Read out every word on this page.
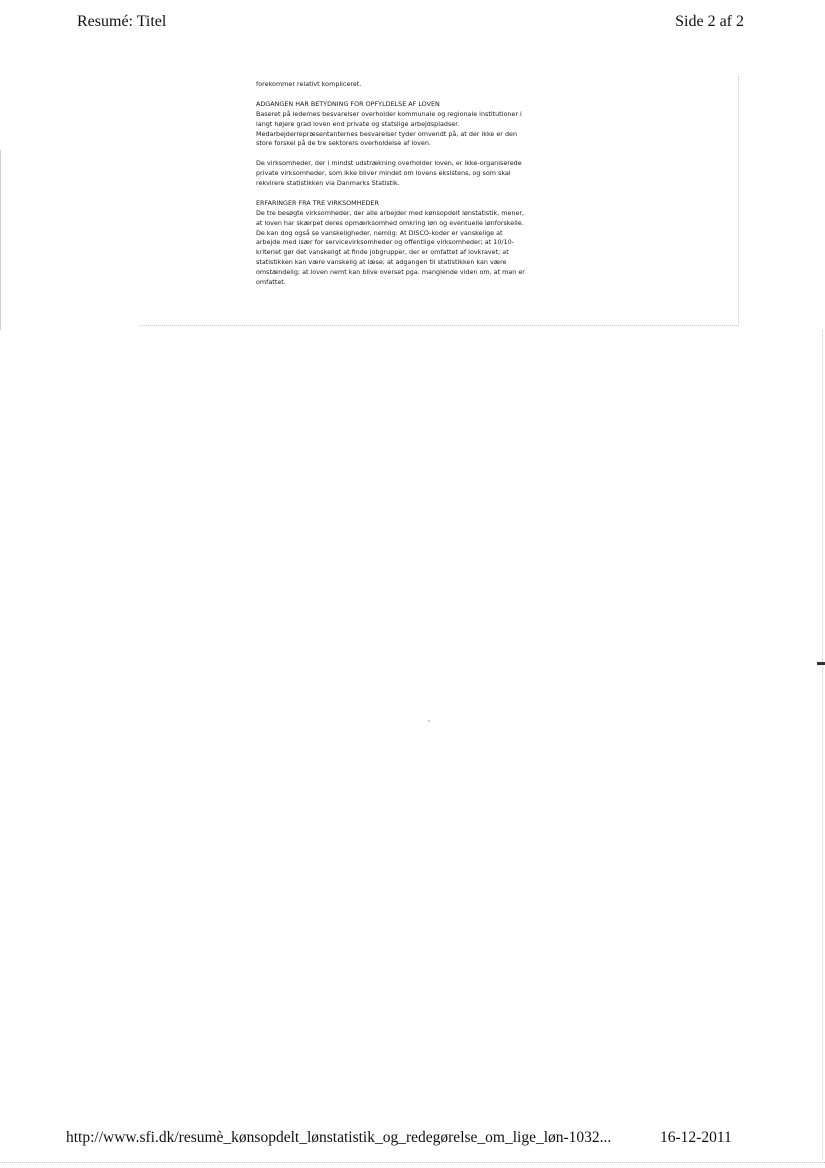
Resumé: Titel	Side 2 af 2

forekommer relativt kompliceret.

ADGANGEN HAR BETYDNING FOR OPFYLDELSE AF LOVEN

Baseret på ledernes besvarelser overholder kommunale og regionale institutioner i
langt højere grad loven end private og statslige arbejdspladser.
Medarbejderrepræsentanternes besvarelser tyder omvendt på, at der ikke er den
store forskel på de tre sektorers overholdelse af loven.

De virksomheder, der i mindst udstrækning overholder loven, er ikke-organiserede
private virksomheder, som ikke bliver mindet om lovens eksistens, og som skal
rekvirere statistikken via Danmarks Statistik.

ERFARINGER FRA TRE VIRKSOMHEDER

De tre besøgte virksomheder, der alle arbejder med kønsopdelt lønstatistik, mener,
at loven har skærpet deres opmærksomhed omkring løn og eventuelle lønforskelle.
De kan dog også se vanskeligheder, nemlig: At DISCO-koder er vanskelige at
arbejde med især for servicevirksomheder og offentlige virksomheder; at 10/10-
kriteriet gør det vanskeligt at finde jobgrupper, der er omfattet af lovkravet; at
statistikken kan være vanskelig at læse; at adgangen til statistikken kan være
omstændelig; at loven nemt kan blive overset pga. manglende viden om, at man er
omfattet.

http://www.sfi.dk/resumè_kønsopdelt_lønstatistik_og_redegørelse_om_lige_løn-1032...	16-12-2011
